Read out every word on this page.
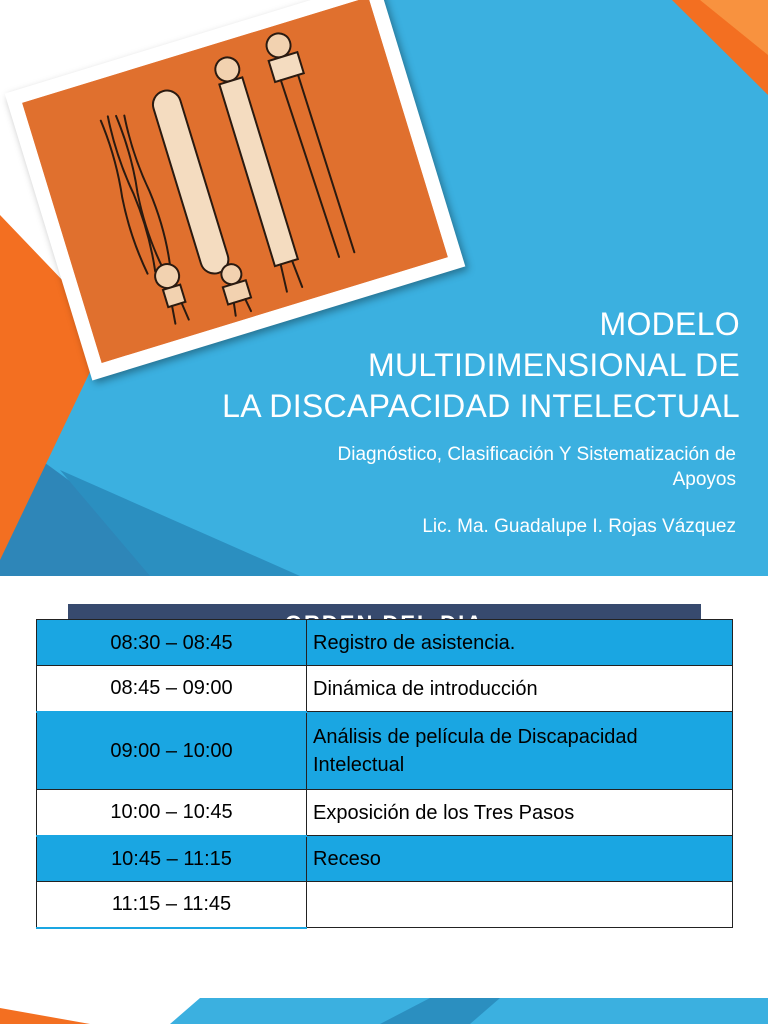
MODELO
MULTIDIMENSIONAL DE
LA DISCAPACIDAD INTELECTUAL
Diagnóstico, Clasificación Y Sistematización de
Apoyos
Lic. Ma. Guadalupe I. Rojas Vázquez
08:30 – 08:45	Registro de asistencia.
08:45 – 09:00	Dinámica de introducción
09:00 – 10:00	Análisis de película de Discapacidad
Intelectual

10:00 – 10:45	Exposición de los Tres Pasos
10:45 – 11:15	Receso
11:15 – 11:45	
